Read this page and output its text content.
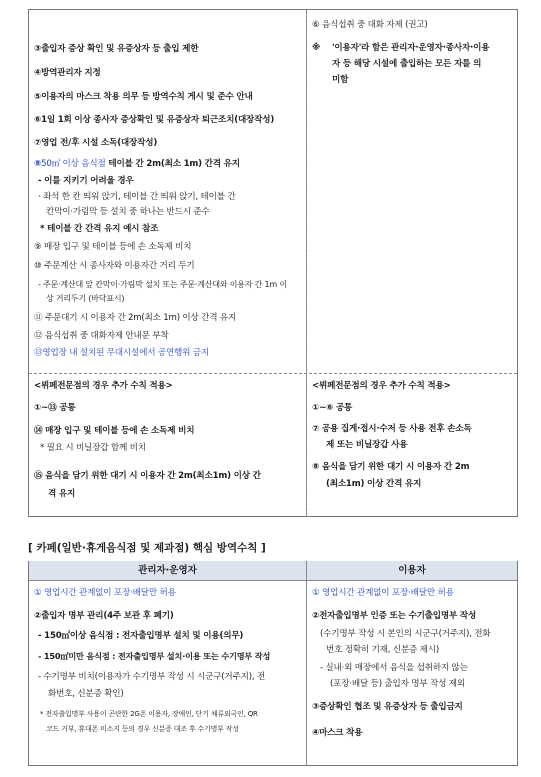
③출입자 증상 확인 및 유증상자 등 출입 제한
④방역관리자 지정
⑤이용자의 마스크 착용 의무 등 방역수칙 게시 및 준수 안내
⑥1일 1회 이상 종사자 증상확인 및 유증상자 퇴근조치(대장작성)
⑦영업 전/후 시설 소독(대장작성)
⑧50㎡ 이상 음식점 테이블 간 2m(최소 1m) 간격 유지
- 이를 지키기 어려울 경우
· 좌석 한 칸 띄워 앉기, 테이블 간 띄워 앉기, 테이블 간
칸막이·가림막 등 설치 중 하나는 반드시 준수
* 테이블 간 간격 유지 예시 참조
⑨ 매장 입구 및 테이블 등에 손 소독제 비치
⑩ 주문계산 시 종사자와 이용자간 거리 두기
- 주문·계산대 앞 칸막이·가림막 설치 또는 주문·계산대와 이용자 간 1m 이
상 거리두기 (바닥표시)
⑪ 주문대기 시 이용자 간 2m(최소 1m) 이상 간격 유지
⑫ 음식섭취 중 대화자제 안내문 부착
⑬영업장 내 설치된 무대시설에서 공연행위 금지
⑥ 음식섭취 중 대화 자제 (권고)
※ '이용자'라 함은 관리자·운영자·종사자·이용
자 등 해당 시설에 출입하는 모든 자를 의
미함
<뷔페전문점의 경우 추가 수칙 적용>
①~⑬ 공통
⑭ 매장 입구 및 테이블 등에 손 소독제 비치
* 필요 시 비닐장갑 함께 비치
⑮ 음식을 담기 위한 대기 시 이용자 간 2m(최소1m) 이상 간
격 유지
<뷔페전문점의 경우 추가 수칙 적용>
①~⑥ 공통
⑦ 공용 집게·접시·수저 등 사용 전후 손소독
제 또는 비닐장갑 사용
⑧ 음식을 담기 위한 대기 시 이용자 간 2m
(최소1m) 이상 간격 유지
[ 카페(일반·휴게음식점 및 제과점) 핵심 방역수칙 ]
관리자·운영자	이용자
① 영업시간 관계없이 포장·배달만 허용
②출입자 명부 관리(4주 보관 후 폐기)
- 150㎡이상 음식점 : 전자출입명부 설치 및 이용(의무)
- 150㎡미만 음식점 : 전자출입명부 설치·이용 또는 수기명부 작성
- 수기명부 비치(이용자가 수기명부 작성 시 시군구(거주지), 전
화번호, 신분증 확인)
* 전자출입명부 사용이 곤란한 2G폰 이용자, 장애인, 단기 체류외국인, QR
코드 거부, 휴대폰 미소지 등의 경우 신분증 대조 후 수기명부 작성
① 영업시간 관계없이 포장·배달만 허용
②전자출입명부 인증 또는 수기출입명부 작성
(수기명부 작성 시 본인의 시군구(거주지), 전화
번호 정확히 기재, 신분증 제시)
- 실내·외 매장에서 음식을 섭취하지 않는
(포장·배달 등) 출입자 명부 작성 제외
③증상확인 협조 및 유증상자 등 출입금지
④마스크 착용
